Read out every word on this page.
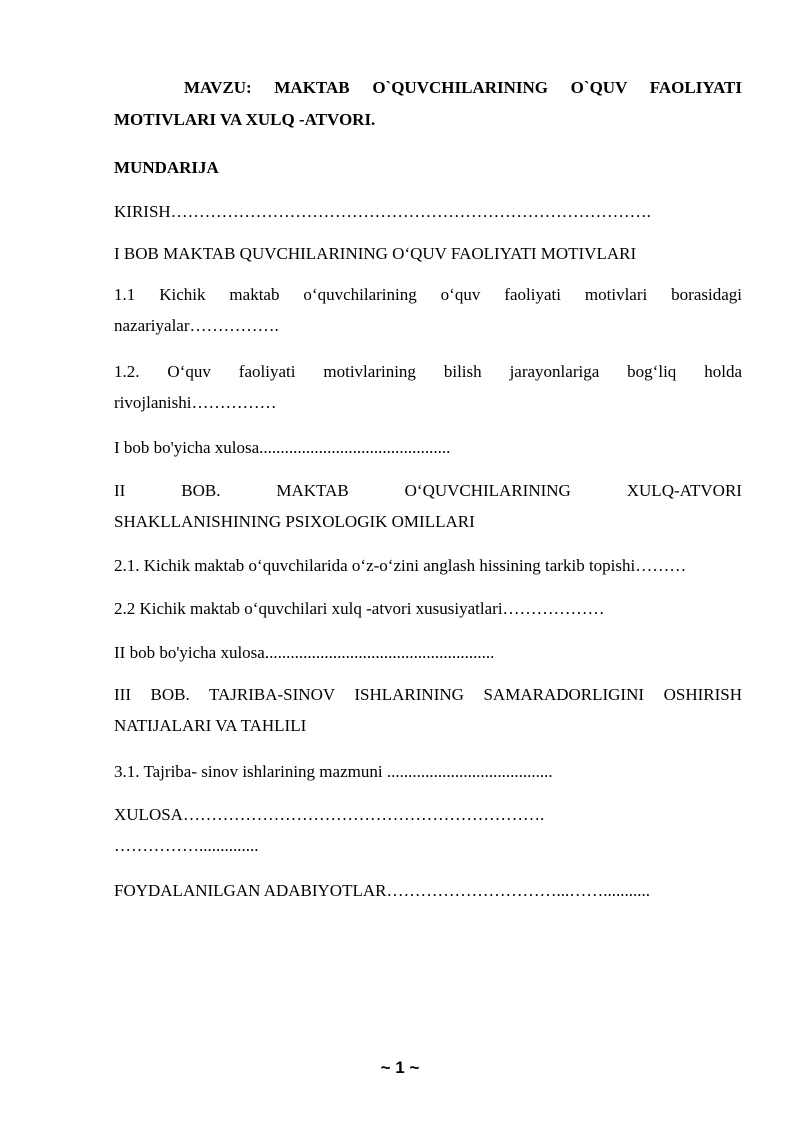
MAVZU: MAKTAB O`QUVCHILARINING O`QUV FAOLIYATI MOTIVLARI VA XULQ -ATVORI.

MUNDARIJA

KIRISH………………………………………………………………………….

I BOB MAKTAB QUVCHILARINING O‘QUV FAOLIYATI MOTIVLARI

1.1 Kichik maktab o‘quvchilarining o‘quv faoliyati motivlari borasidagi nazariyalar…………….

1.2. O‘quv faoliyati motivlarining bilish jarayonlariga bog‘liq holda rivojlanishi……………

I bob bo'yicha xulosa.............................................

II	BOB.	MAKTAB	O‘QUVCHILARINING	XULQ-ATVORI
SHAKLLANISHINING PSIXOLOGIK OMILLARI

2.1. Kichik maktab o‘quvchilarida o‘z-o‘zini anglash hissining tarkib topishi………

2.2 Kichik maktab o‘quvchilari xulq -atvori xususiyatlari………………

II bob bo'yicha xulosa......................................................

III BOB. TAJRIBA-SINOV ISHLARINING SAMARADORLIGINI OSHIRISH NATIJALARI VA TAHLILI

3.1. Tajriba- sinov ishlarining mazmuni .......................................

XULOSA……………………………………………………….
……………..............

FOYDALANILGAN ADABIYOTLAR…………………………...……...........

~ 1 ~
